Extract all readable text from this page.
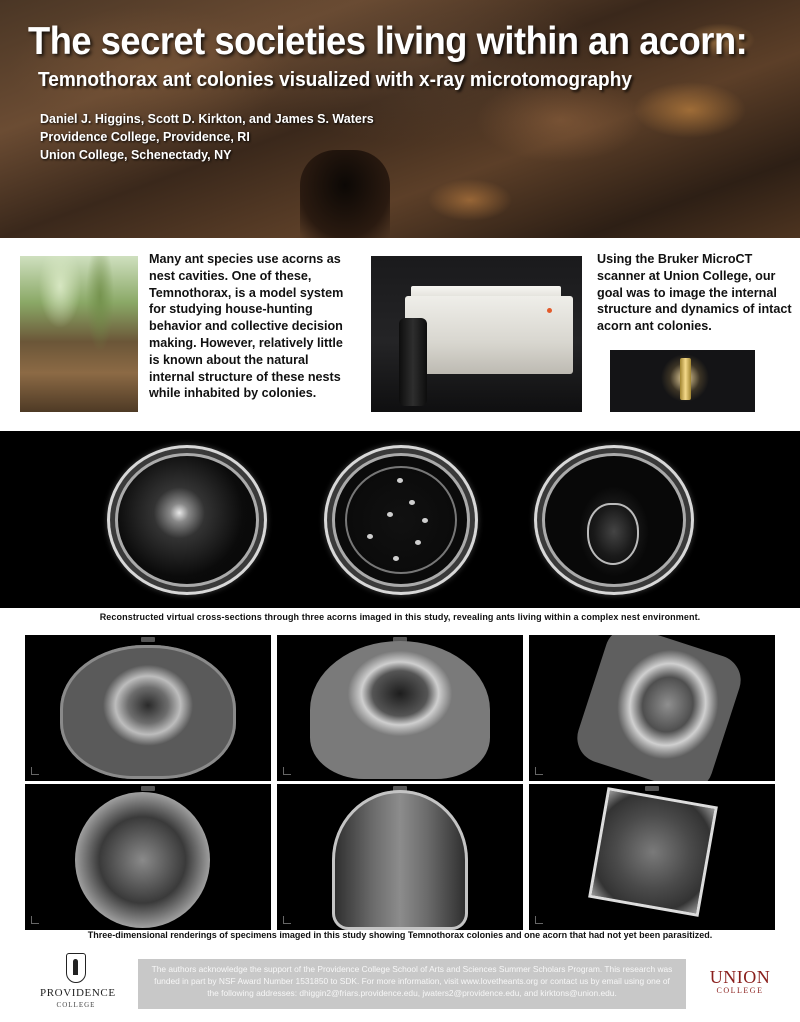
The secret societies living within an acorn:
Temnothorax ant colonies visualized with x-ray microtomography
Daniel J. Higgins, Scott D. Kirkton, and James S. Waters
Providence College, Providence, RI
Union College, Schenectady, NY
Many ant species use acorns as nest cavities. One of these, Temnothorax, is a model system for studying house-hunting behavior and collective decision making. However, relatively little is known about the natural internal structure of these nests while inhabited by colonies.
Using the Bruker MicroCT scanner at Union College, our goal was to image the internal structure and dynamics of intact acorn ant colonies.
Reconstructed virtual cross-sections through three acorns imaged in this study, revealing ants living within a complex nest environment.
Three-dimensional renderings of specimens imaged in this study showing Temnothorax colonies and one acorn that had not yet been parasitized.
PROVIDENCE
COLLEGE
The authors acknowledge the support of the Providence College School of Arts and Sciences Summer Scholars Program. This research was funded in part by NSF Award Number 1531850 to SDK. For more information, visit www.lovetheants.org or contact us by email using one of the following addresses: dhiggin2@friars.providence.edu, jwaters2@providence.edu, and kirktons@union.edu.
UNION
COLLEGE
